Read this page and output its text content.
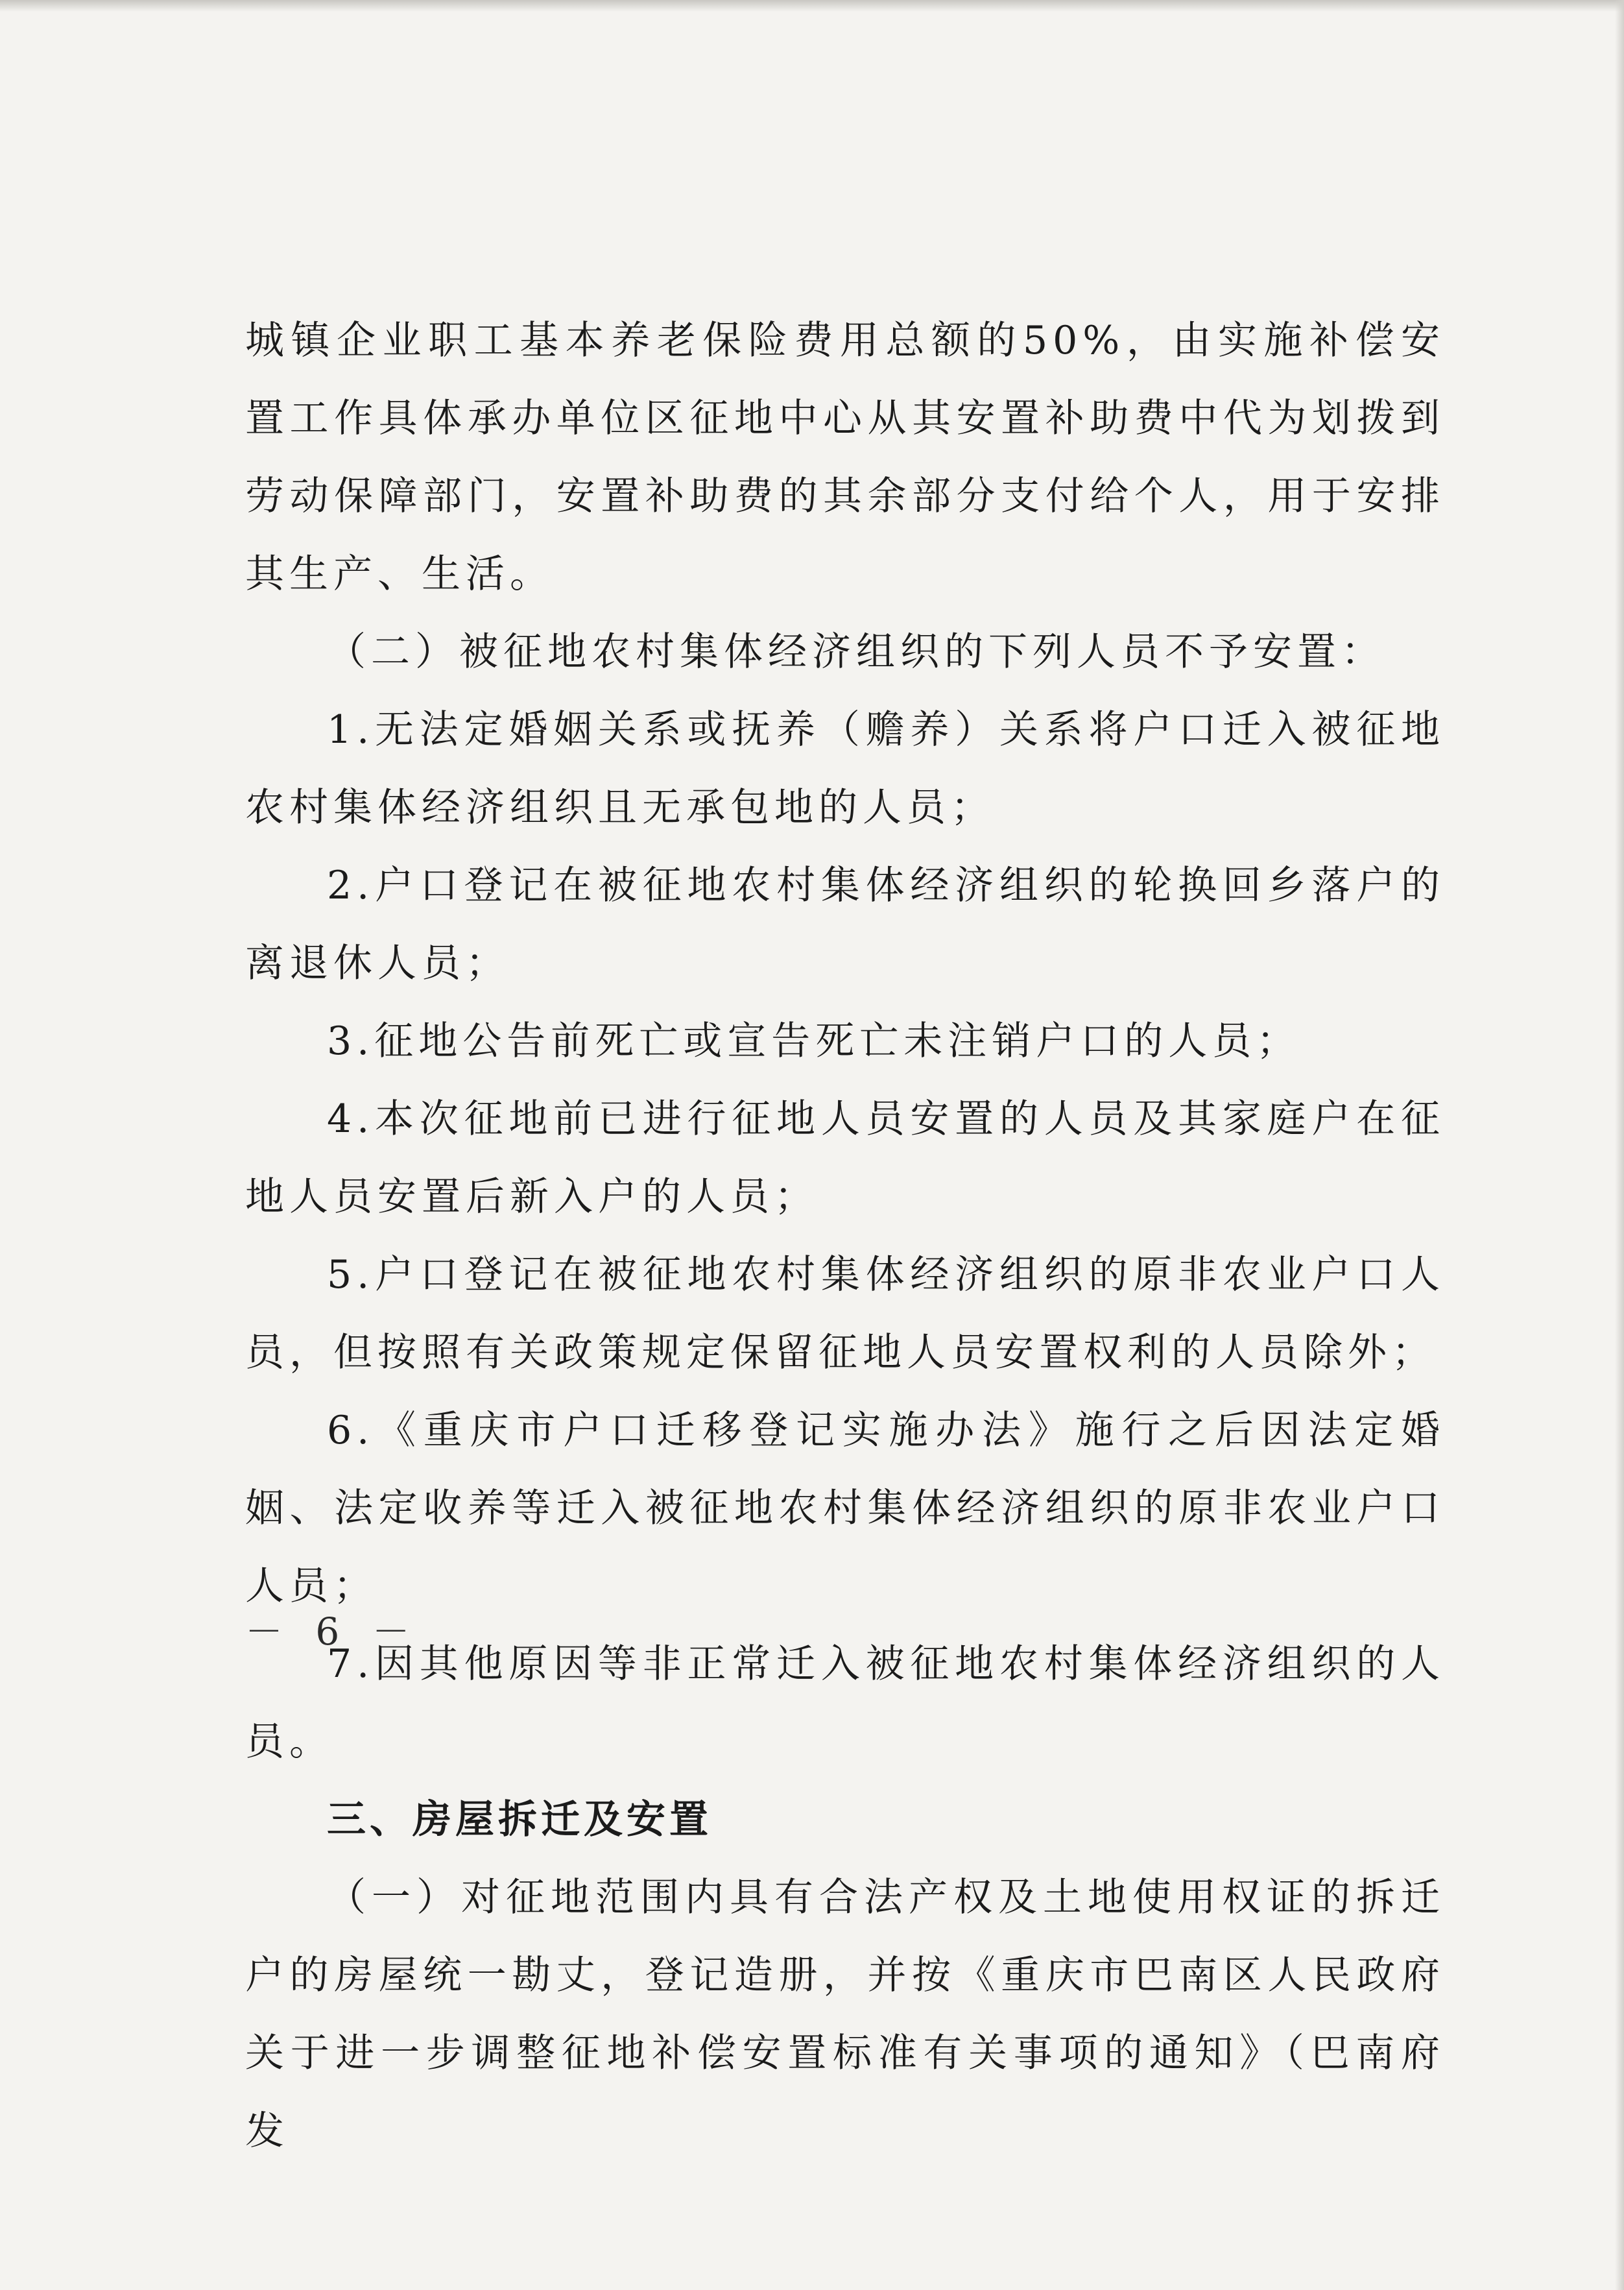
城镇企业职工基本养老保险费用总额的50%，由实施补偿安置工作具体承办单位区征地中心从其安置补助费中代为划拨到劳动保障部门，安置补助费的其余部分支付给个人，用于安排其生产、生活。

（二）被征地农村集体经济组织的下列人员不予安置：

1.无法定婚姻关系或抚养（赡养）关系将户口迁入被征地农村集体经济组织且无承包地的人员；

2.户口登记在被征地农村集体经济组织的轮换回乡落户的离退休人员；

3.征地公告前死亡或宣告死亡未注销户口的人员；

4.本次征地前已进行征地人员安置的人员及其家庭户在征地人员安置后新入户的人员；

5.户口登记在被征地农村集体经济组织的原非农业户口人员，但按照有关政策规定保留征地人员安置权利的人员除外；

6.《重庆市户口迁移登记实施办法》施行之后因法定婚姻、法定收养等迁入被征地农村集体经济组织的原非农业户口人员；

7.因其他原因等非正常迁入被征地农村集体经济组织的人员。

三、房屋拆迁及安置

（一）对征地范围内具有合法产权及土地使用权证的拆迁户的房屋统一勘丈，登记造册，并按《重庆市巴南区人民政府关于进一步调整征地补偿安置标准有关事项的通知》（巴南府发

－ 6 －
